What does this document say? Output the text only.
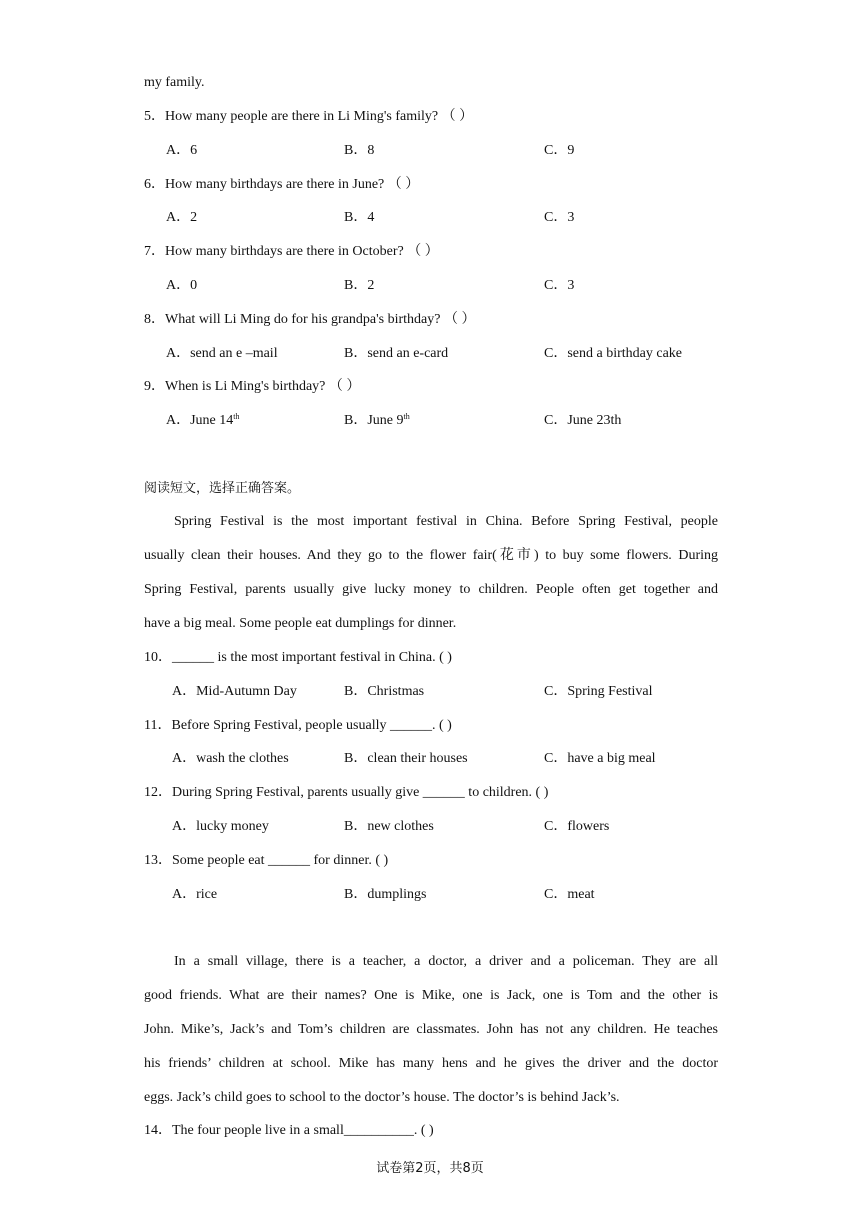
my family.
5．How many people are there in Li Ming's family? （ ）
A．6	B．8	C．9
6．How many birthdays are there in June? （ ）
A．2	B．4	C．3
7．How many birthdays are there in October? （ ）
A．0	B．2	C．3
8．What will Li Ming do for his grandpa's birthday? （ ）
A．send an e –mail	B．send an e-card	C．send a birthday cake
9．When is Li Ming's birthday? （ ）
A．June 14th	B．June 9th	C．June 23th
阅读短文，选择正确答案。
Spring Festival is the most important festival in China. Before Spring Festival, people
usually clean their houses. And they go to the flower fair(花市) to buy some flowers. During
Spring Festival, parents usually give lucky money to children. People often get together and
have a big meal. Some people eat dumplings for dinner.
10．______ is the most important festival in China. ( )
A．Mid-Autumn Day	B．Christmas	C．Spring Festival
11．Before Spring Festival, people usually ______. ( )
A．wash the clothes	B．clean their houses	C．have a big meal
12．During Spring Festival, parents usually give ______ to children. ( )
A．lucky money	B．new clothes	C．flowers
13．Some people eat ______ for dinner. ( )
A．rice	B．dumplings	C．meat
In a small village, there is a teacher, a doctor, a driver and a policeman. They are all
good friends. What are their names? One is Mike, one is Jack, one is Tom and the other is
John. Mike’s, Jack’s and Tom’s children are classmates. John has not any children. He teaches
his friends’ children at school. Mike has many hens and he gives the driver and the doctor
eggs. Jack’s child goes to school to the doctor’s house. The doctor’s is behind Jack’s.
14．The four people live in a small__________. ( )
试卷第2页，共8页
